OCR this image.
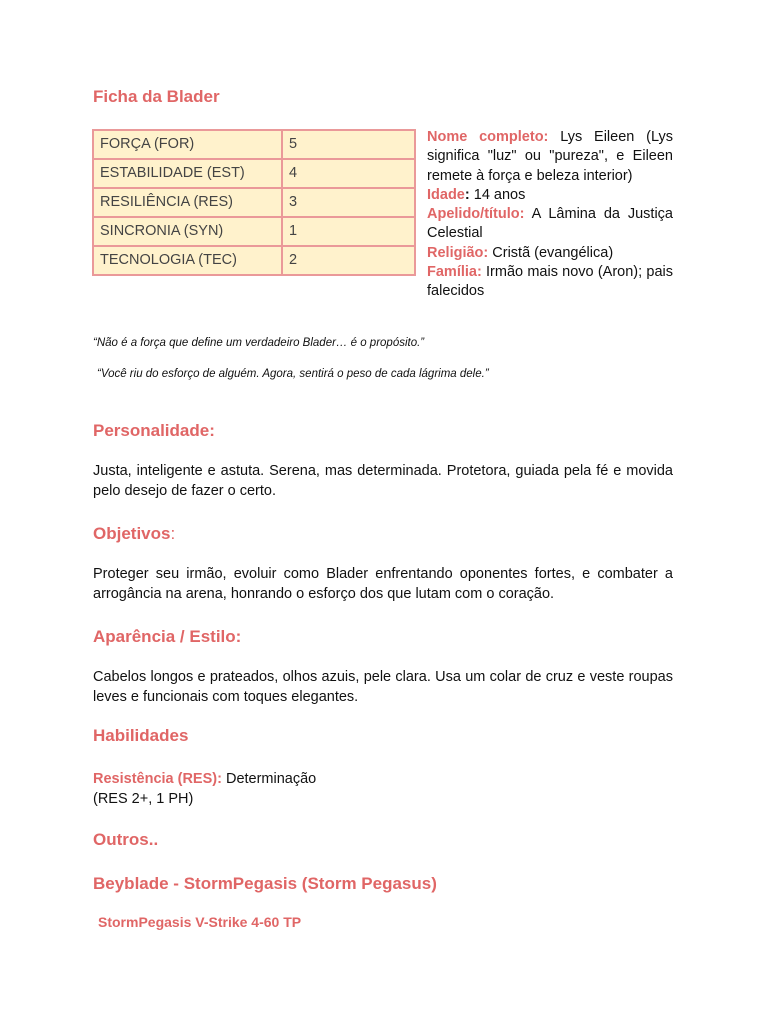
Ficha da Blader
FORÇA (FOR)	5
ESTABILIDADE (EST)	4
RESILIÊNCIA (RES)	3
SINCRONIA (SYN)	1
TECNOLOGIA (TEC)	2
Nome completo: Lys Eileen (Lys significa "luz" ou "pureza", e Eileen remete à força e beleza interior)
Idade: 14 anos
Apelido/título: A Lâmina da Justiça Celestial
Religião: Cristã (evangélica)
Família: Irmão mais novo (Aron); pais falecidos
“Não é a força que define um verdadeiro Blader… é o propósito.”
“Você riu do esforço de alguém. Agora, sentirá o peso de cada lágrima dele.”
Personalidade:

Justa, inteligente e astuta. Serena, mas determinada. Protetora, guiada pela fé e movida pelo desejo de fazer o certo.

Objetivos:

Proteger seu irmão, evoluir como Blader enfrentando oponentes fortes, e combater a arrogância na arena, honrando o esforço dos que lutam com o coração.

Aparência / Estilo:

Cabelos longos e prateados, olhos azuis, pele clara. Usa um colar de cruz e veste roupas leves e funcionais com toques elegantes.

Habilidades
Resistência (RES): Determinação
(RES 2+, 1 PH)
Outros..
Beyblade - StormPegasis (Storm Pegasus)
StormPegasis V-Strike 4-60 TP
